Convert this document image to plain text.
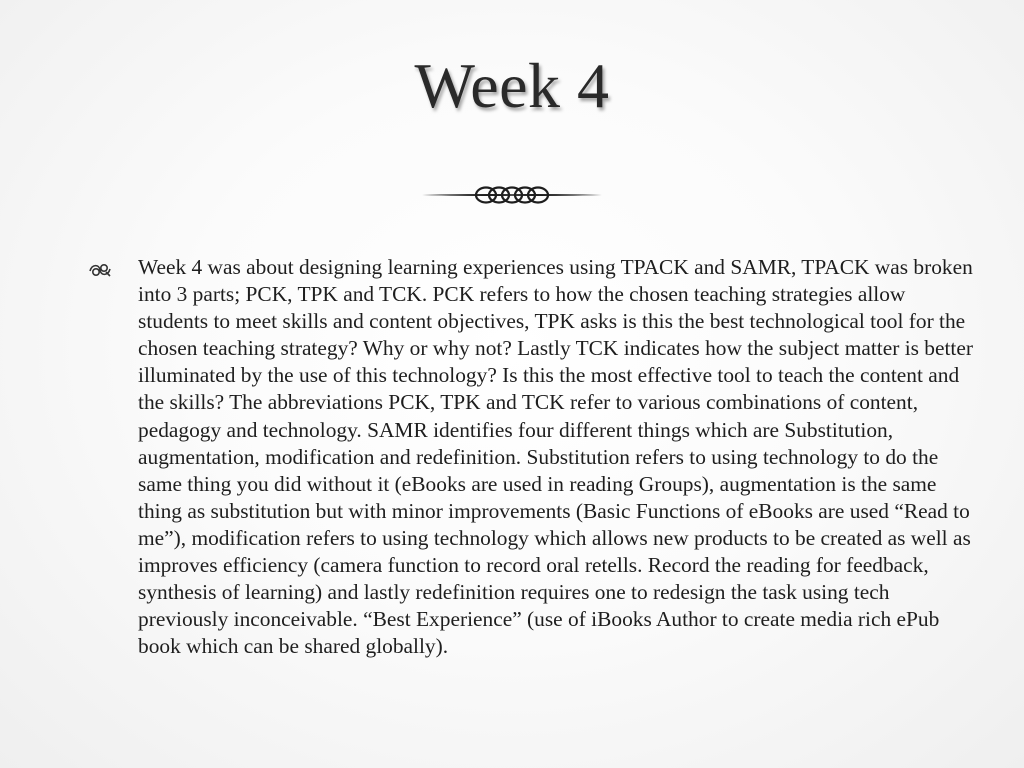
Week 4

Week 4 was about designing learning experiences using TPACK and SAMR, TPACK was broken into 3 parts; PCK, TPK and TCK. PCK refers to how the chosen teaching strategies allow students to meet skills and content objectives, TPK asks is this the best technological tool for the chosen teaching strategy? Why or why not? Lastly TCK indicates how the subject matter is better illuminated by the use of this technology? Is this the most effective tool to teach the content and the skills? The abbreviations PCK, TPK and TCK refer to various combinations of content, pedagogy and technology. SAMR identifies four different things which are Substitution, augmentation, modification and redefinition. Substitution refers to using technology to do the same thing you did without it (eBooks are used in reading Groups), augmentation is the same thing as substitution but with minor improvements (Basic Functions of eBooks are used “Read to me”), modification refers to using technology which allows new products to be created as well as improves efficiency (camera function to record oral retells. Record the reading for feedback, synthesis of learning) and lastly redefinition requires one to redesign the task using tech previously inconceivable. “Best Experience” (use of iBooks Author to create media rich ePub book which can be shared globally).
